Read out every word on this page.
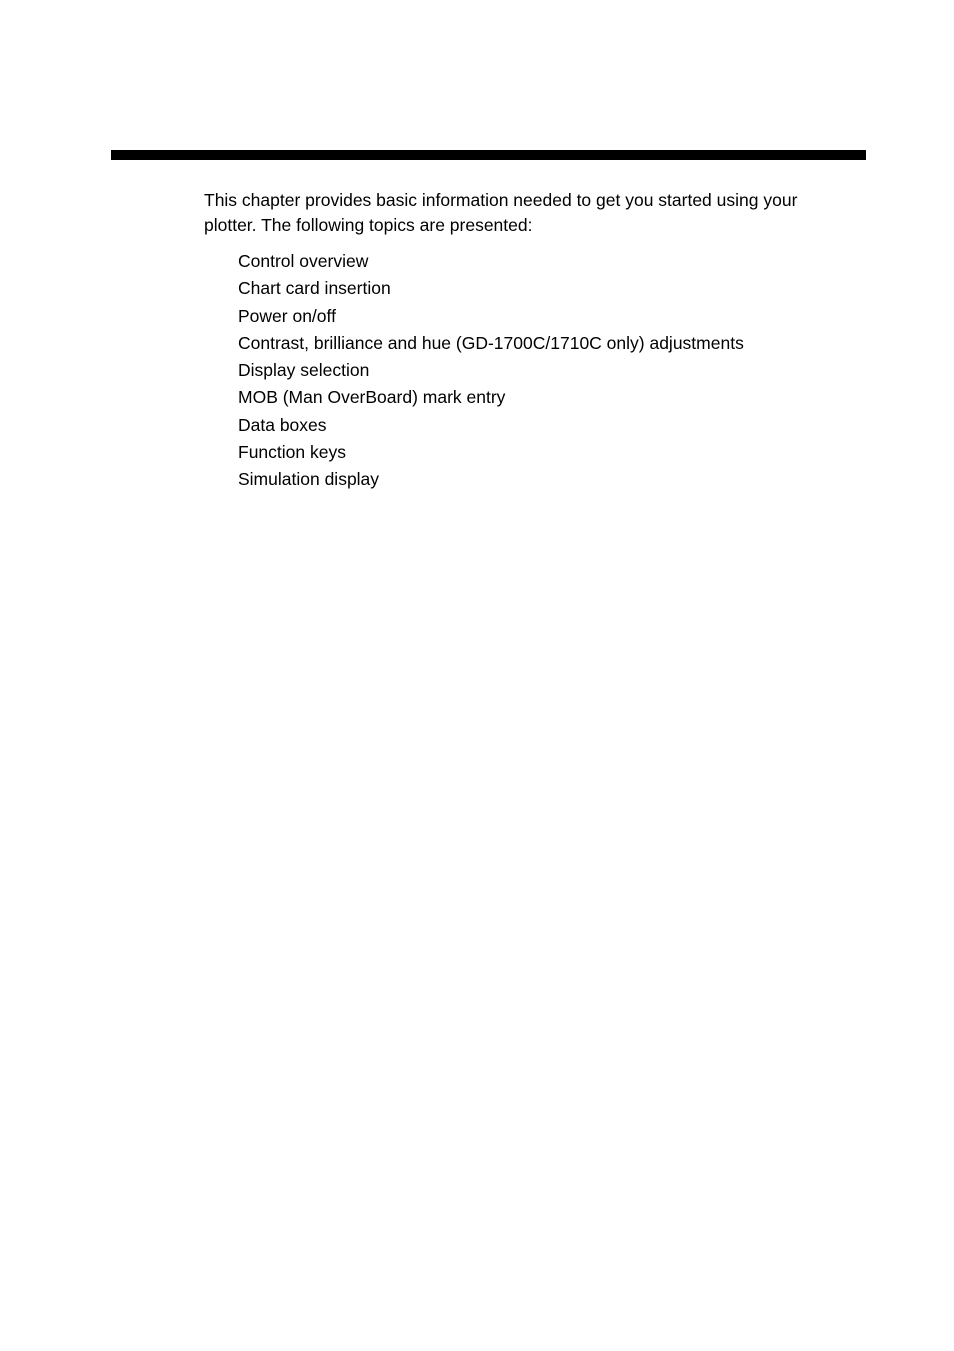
This chapter provides basic information needed to get you started using your
plotter. The following topics are presented:

Control overview
Chart card insertion
Power on/off
Contrast, brilliance and hue (GD-1700C/1710C only) adjustments
Display selection
MOB (Man OverBoard) mark entry
Data boxes
Function keys
Simulation display
